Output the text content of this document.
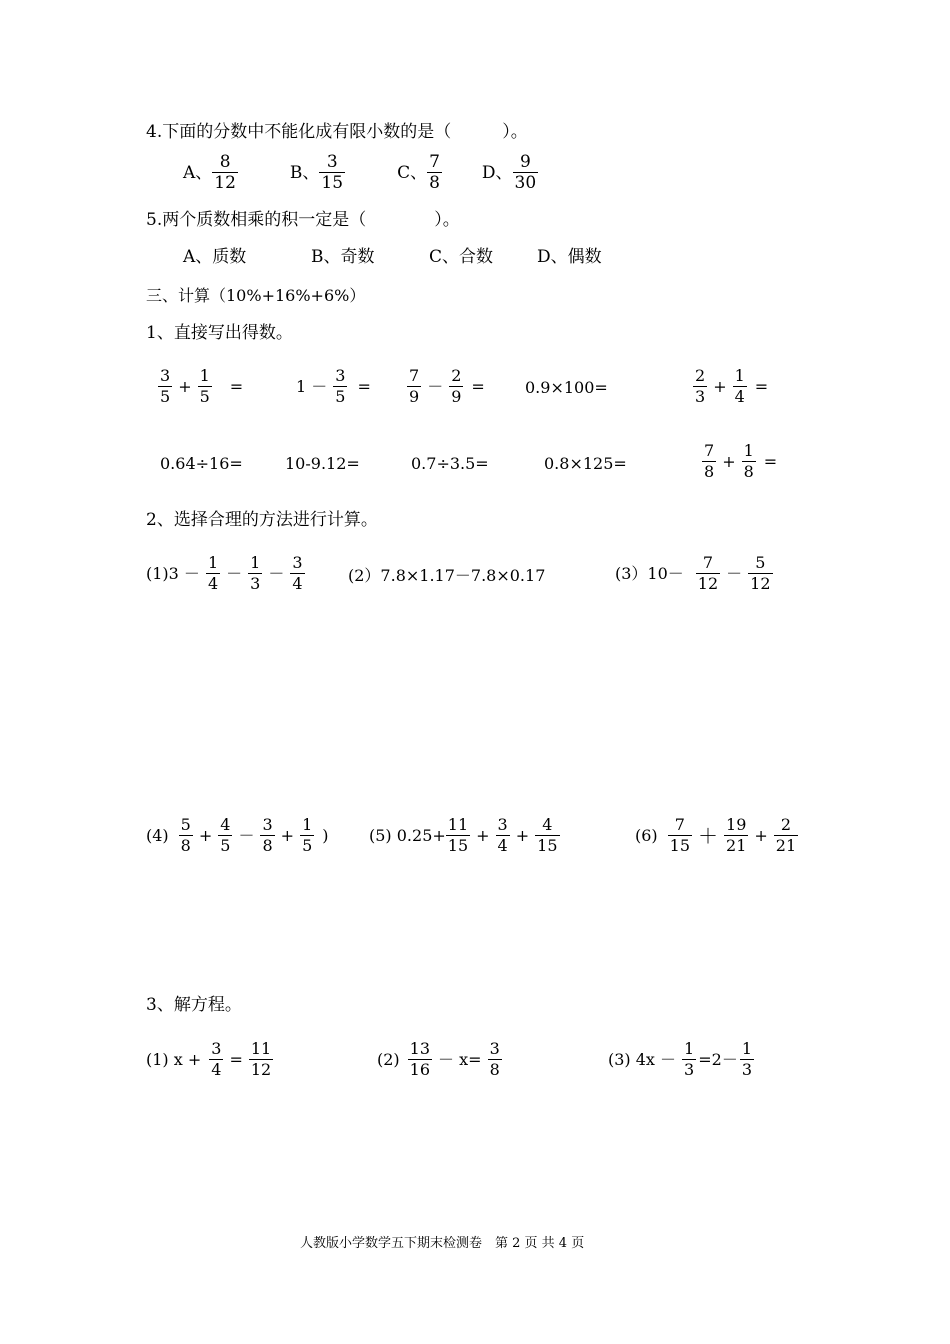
4.下面的分数中不能化成有限小数的是（　　　）。
A、 $\frac{8}{12}$	B、 $\frac{3}{15}$	C、 $\frac{7}{8}$ D、 $\frac{9}{30}$
5.两个质数相乘的积一定是（　　　　）。
A、质数	B、奇数	C、合数	D、偶数
三、计算（10%+16%+6%）
1、直接写出得数。
$\frac{3}{5} + \frac{1}{5}$	=	$1 - \frac{3}{5} = \frac{7}{9} - \frac{2}{9}$ =	0.9×100=	$\frac{2}{3} + \frac{1}{4}$ =
0.64÷16=	10-9.12=	0.7÷3.5=	0.8×125=	$\frac{7}{8} + \frac{1}{8}$ =
2、选择合理的方法进行计算。
$(1)3 - \frac{1}{4} - \frac{1}{3} - \frac{3}{4}$	(2）7.8×1.17－7.8×0.17	$(3)10- \frac{7}{12} - \frac{5}{12}$
$(4) \frac{5}{8} + \frac{4}{5} - \frac{3}{8} + \frac{1}{5}$ )	(5) $0.25+ \frac{11}{15} + \frac{3}{4} + \frac{4}{15}$	$(6) \frac{7}{15} + \frac{19}{21} + \frac{2}{21}$
3、解方程。
(1) $x + \frac{3}{4} = \frac{11}{12}$	$(2) \frac{13}{16} - x= \frac{3}{8}$	(3) $4x - \frac{1}{3} =2- \frac{1}{3}$
人教版小学数学五下期末检测卷　第 2 页 共 4 页
